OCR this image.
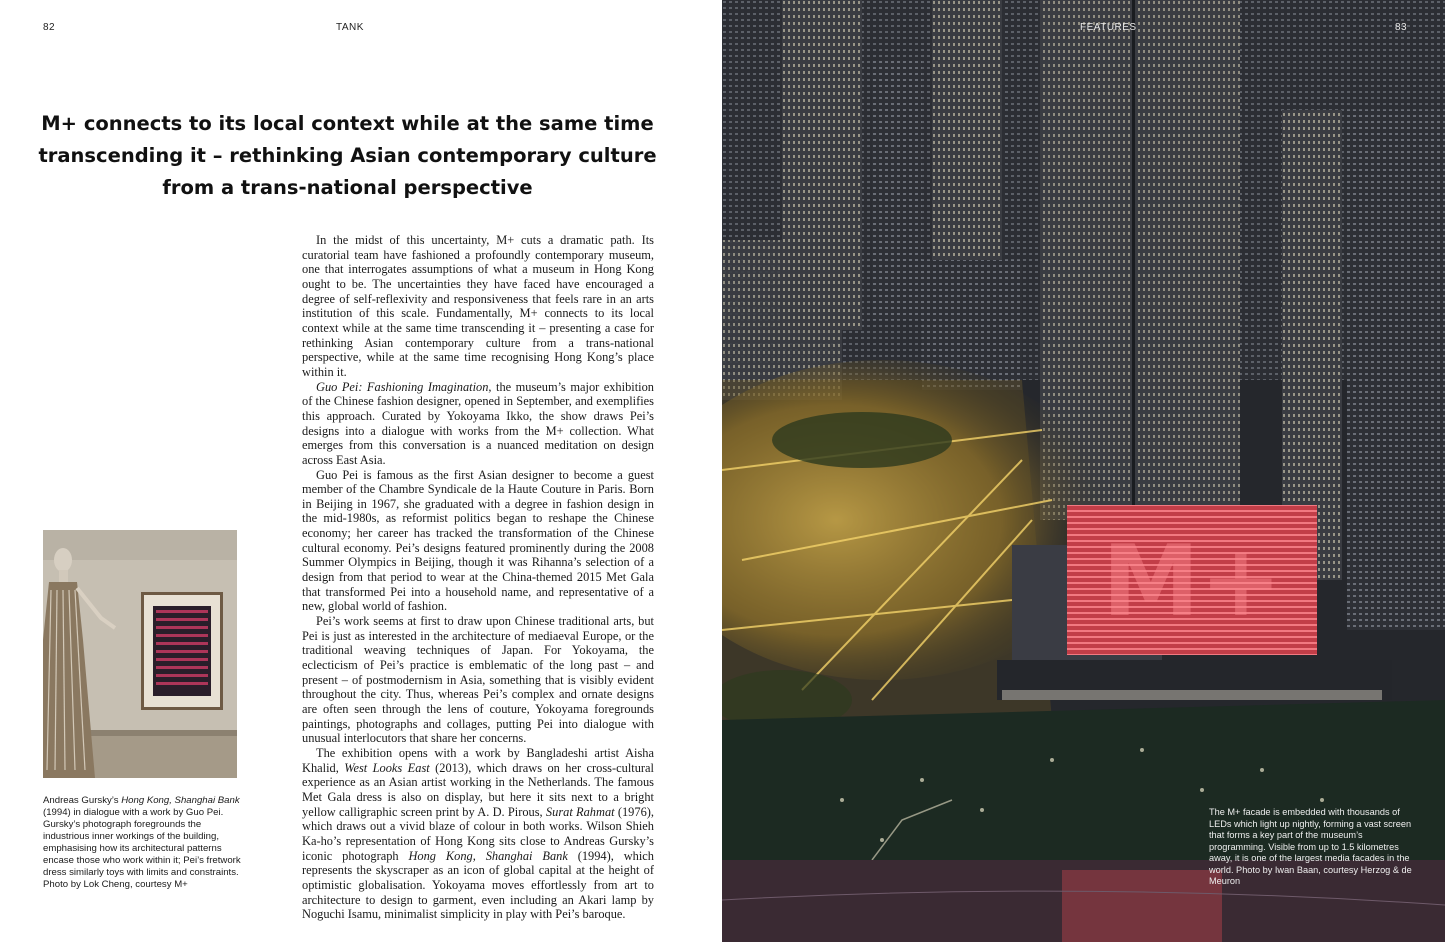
82	TANK
M+ connects to its local context while at the same time transcending it – rethinking Asian contemporary culture from a trans-national perspective

In the midst of this uncertainty, M+ cuts a dramatic path. Its curatorial team have fashioned a profoundly contemporary museum, one that interrogates assumptions of what a museum in Hong Kong ought to be. The uncertainties they have faced have encouraged a degree of self-reflexivity and responsiveness that feels rare in an arts institution of this scale. Fundamentally, M+ connects to its local context while at the same time transcending it – presenting a case for rethinking Asian contemporary culture from a trans-national perspective, while at the same time recognising Hong Kong’s place within it.

Guo Pei: Fashioning Imagination, the museum’s major exhibition of the Chinese fashion designer, opened in September, and exemplifies this approach. Curated by Yokoyama Ikko, the show draws Pei’s designs into a dialogue with works from the M+ collection. What emerges from this conversation is a nuanced meditation on design across East Asia.

Guo Pei is famous as the first Asian designer to become a guest member of the Chambre Syndicale de la Haute Couture in Paris. Born in Beijing in 1967, she graduated with a degree in fashion design in the mid-1980s, as reformist politics began to reshape the Chinese economy; her career has tracked the transformation of the Chinese cultural economy. Pei’s designs featured prominently during the 2008 Summer Olympics in Beijing, though it was Rihanna’s selection of a design from that period to wear at the China-themed 2015 Met Gala that transformed Pei into a household name, and representative of a new, global world of fashion.

Pei’s work seems at first to draw upon Chinese traditional arts, but Pei is just as interested in the architecture of mediaeval Europe, or the traditional weaving techniques of Japan. For Yokoyama, the eclecticism of Pei’s practice is emblematic of the long past – and present – of postmodernism in Asia, something that is visibly evident throughout the city. Thus, whereas Pei’s complex and ornate designs are often seen through the lens of couture, Yokoyama foregrounds paintings, photographs and collages, putting Pei into dialogue with unusual interlocutors that share her concerns.

The exhibition opens with a work by Bangladeshi artist Aisha Khalid, West Looks East (2013), which draws on her cross-cultural experience as an Asian artist working in the Netherlands. The famous Met Gala dress is also on display, but here it sits next to a bright yellow calligraphic screen print by A. D. Pirous, Surat Rahmat (1976), which draws out a vivid blaze of colour in both works. Wilson Shieh Ka-ho’s representation of Hong Kong sits close to Andreas Gursky’s iconic photograph Hong Kong, Shanghai Bank (1994), which represents the skyscraper as an icon of global capital at the height of optimistic globalisation. Yokoyama moves effortlessly from art to architecture to design to garment, even including an Akari lamp by Noguchi Isamu, minimalist simplicity in play with Pei’s baroque.

Andreas Gursky’s Hong Kong, Shanghai Bank (1994) in dialogue with a work by Guo Pei. Gursky’s photograph foregrounds the industrious inner workings of the building, emphasising how its architectural patterns encase those who work within it; Pei’s fretwork dress similarly toys with limits and constraints. Photo by Lok Cheng, courtesy M+
M+
FEATURES	83
The M+ facade is embedded with thousands of LEDs which light up nightly, forming a vast screen that forms a key part of the museum’s programming. Visible from up to 1.5 kilometres away, it is one of the largest media facades in the world. Photo by Iwan Baan, courtesy Herzog & de Meuron
